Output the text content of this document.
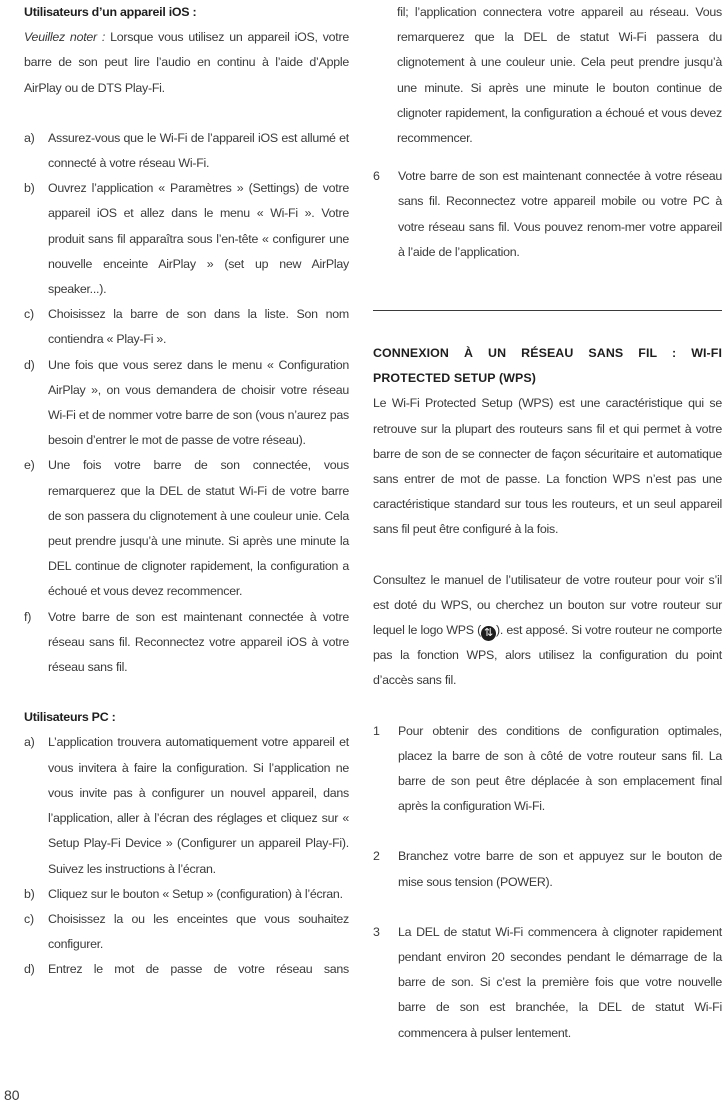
Utilisateurs d’un appareil iOS :

Veuillez noter : Lorsque vous utilisez un appareil iOS, votre barre de son peut lire l’audio en continu à l’aide d’Apple AirPlay ou de DTS Play-Fi.

a)	Assurez-vous que le Wi-Fi de l’appareil iOS est allumé et connecté à votre réseau Wi-Fi.
b)	Ouvrez l’application « Paramètres » (Settings) de votre appareil iOS et allez dans le menu « Wi-Fi ». Votre produit sans fil apparaîtra sous l’en-tête « configurer une nouvelle enceinte AirPlay » (set up new AirPlay speaker...).
c)	Choisissez la barre de son dans la liste. Son nom contiendra « Play-Fi ».
d)	Une fois que vous serez dans le menu « Configuration AirPlay », on vous demandera de choisir votre réseau Wi-Fi et de nommer votre barre de son (vous n’aurez pas besoin d’entrer le mot de passe de votre réseau).
e)	Une fois votre barre de son connectée, vous remarquerez que la DEL de statut Wi-Fi de votre barre de son passera du clignotement à une couleur unie. Cela peut prendre jusqu’à une minute. Si après une minute la DEL continue de clignoter rapidement, la configuration a échoué et vous devez recommencer.
f)	Votre barre de son est maintenant connectée à votre réseau sans fil. Reconnectez votre appareil iOS à votre réseau sans fil.

Utilisateurs PC :

a)	L’application trouvera automatiquement votre appareil et vous invitera à faire la configuration. Si l’application ne vous invite pas à configurer un nouvel appareil, dans l’application, aller à l’écran des réglages et cliquez sur « Setup Play-Fi Device » (Configurer un appareil Play-Fi). Suivez les instructions à l’écran.
b)	Cliquez sur le bouton « Setup » (configuration) à l’écran.
c)	Choisissez la ou les enceintes que vous souhaitez configurer.
d)	Entrez le mot de passe de votre réseau sans
fil; l’application connectera votre appareil au réseau. Vous remarquerez que la DEL de statut Wi-Fi passera du clignotement à une couleur unie. Cela peut prendre jusqu’à une minute. Si après une minute le bouton continue de clignoter rapidement, la configuration a échoué et vous devez recommencer.
6	Votre barre de son est maintenant connectée à votre réseau sans fil. Reconnectez votre appareil mobile ou votre PC à votre réseau sans fil. Vous pouvez renom-mer votre appareil à l’aide de l’application.

CONNEXION À UN RÉSEAU SANS FIL : WI-FI PROTECTED SETUP (WPS)

Le Wi-Fi Protected Setup (WPS) est une caractéristique qui se retrouve sur la plupart des routeurs sans fil et qui permet à votre barre de son de se connecter de façon sécuritaire et automatique sans entrer de mot de passe. La fonction WPS n’est pas une caractéristique standard sur tous les routeurs, et un seul appareil sans fil peut être configuré à la fois.

Consultez le manuel de l’utilisateur de votre routeur pour voir s’il est doté du WPS, ou cherchez un bouton sur votre routeur sur lequel le logo WPS ( ⇅ ). est apposé. Si votre routeur ne comporte pas la fonction WPS, alors utilisez la configuration du point d’accès sans fil.

1	Pour obtenir des conditions de configuration optimales, placez la barre de son à côté de votre routeur sans fil. La barre de son peut être déplacée à son emplacement final après la configuration Wi-Fi.
2	Branchez votre barre de son et appuyez sur le bouton de mise sous tension (POWER).
3	La DEL de statut Wi-Fi commencera à clignoter rapidement pendant environ 20 secondes pendant le démarrage de la barre de son. Si c’est la première fois que votre nouvelle barre de son est branchée, la DEL de statut Wi-Fi commencera à pulser lentement.
80
